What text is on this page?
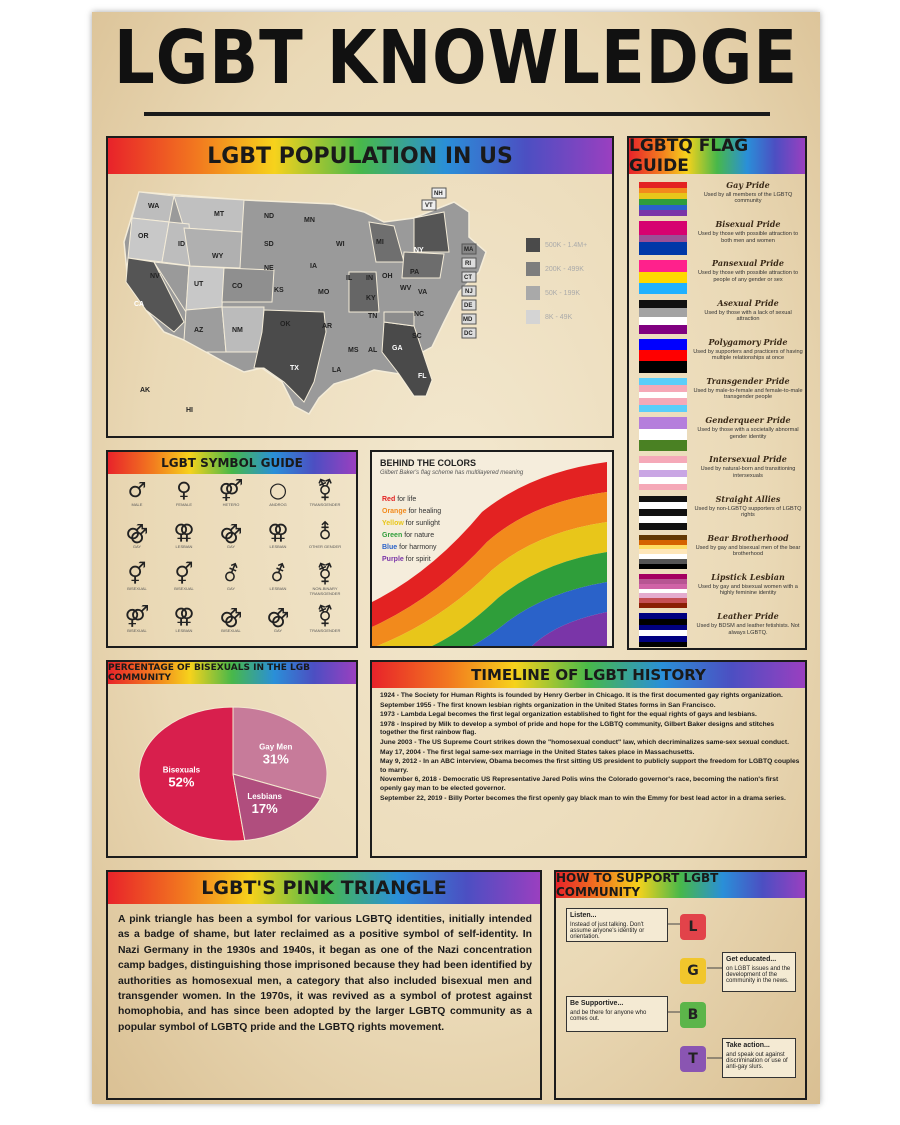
LGBT KNOWLEDGE
LGBT POPULATION IN US
WA
MT	ND
MN
OR
ID	SD	WI	MI
WY
NE	IA
NY
NV
UT	CO
KS	MO
IL IN OH
PA
WV
VA
KY
CA
AZ	NM
OK	AR
TN	NC
SC
MS AL GA
TX	LA
FL
AK
HI
NH
VT
MA
RI
CT
NJ
DE
MD
DC
500K - 1.4M+
200K - 499K
50K - 199K
8K - 49K
LGBTQ FLAG GUIDE
Gay Pride
Used by all members of the LGBTQ community
Bisexual Pride
Used by those with possible attraction to both men and women
Pansexual Pride
Used by those with possible attraction to people of any gender or sex
Asexual Pride
Used by those with a lack of sexual attraction
Polygamory Pride
Used by supporters and practicers of having multiple relationships at once
Transgender Pride
Used by male-to-female and female-to-male transgender people
Genderqueer Pride
Used by those with a societally abnormal gender identity
Intersexual Pride
Used by natural-born and transitioning intersexuals
Straight Allies
Used by non-LGBTQ supporters of LGBTQ rights
Bear Brotherhood
Used by gay and bisexual men of the bear brotherhood
Lipstick Lesbian
Used by gay and bisexual women with a highly feminine identity
Leather Pride
Used by BDSM and leather fetishists. Not always LGBTQ.
LGBT SYMBOL GUIDE
♂
MALE
♀
FEMALE
⚤
HETERO
○
ANDROG
⚧
TRANSGENDER
⚣
GAY
⚢
LESBIAN
⚣
GAY
⚢
LESBIAN
⚨
OTHER GENDER
⚥
BISEXUAL
⚥
BISEXUAL
⚦
GAY
⚦
LESBIAN
⚧
NON-BINARY TRANSGENDER
⚤
BISEXUAL
⚢
LESBIAN
⚣
BISEXUAL
⚣
GAY
⚧
TRANSGENDER
BEHIND THE COLORS
Gilbert Baker's flag scheme has multilayered meaning
Red for life
Orange for healing
Yellow for sunlight
Green for nature
Blue for harmony
Purple for spirit
PERCENTAGE OF BISEXUALS IN THE LGB COMMUNITY
Bisexuals
52%
Gay Men
31%
Lesbians
17%
TIMELINE OF LGBT HISTORY

1924 - The Society for Human Rights is founded by Henry Gerber in Chicago. It is the first documented gay rights organization.

September 1955 - The first known lesbian rights organization in the United States forms in San Francisco.

1973 - Lambda Legal becomes the first legal organization established to fight for the equal rights of gays and lesbians.

1978 - Inspired by Milk to develop a symbol of pride and hope for the LGBTQ community, Gilbert Baker designs and stitches together the first rainbow flag.

June 2003 - The US Supreme Court strikes down the "homosexual conduct" law, which decriminalizes same-sex sexual conduct.

May 17, 2004 - The first legal same-sex marriage in the United States takes place in Massachusetts.

May 9, 2012 - In an ABC interview, Obama becomes the first sitting US president to publicly support the freedom for LGBTQ couples to marry.

November 6, 2018 - Democratic US Representative Jared Polis wins the Colorado governor's race, becoming the nation's first openly gay man to be elected governor.

September 22, 2019 - Billy Porter becomes the first openly gay black man to win the Emmy for best lead actor in a drama series.

LGBT'S PINK TRIANGLE
A pink triangle has been a symbol for various LGBTQ identities, initially intended as a badge of shame, but later reclaimed as a positive symbol of self-identity. In Nazi Germany in the 1930s and 1940s, it began as one of the Nazi concentration camp badges, distinguishing those imprisoned because they had been identified by authorities as homosexual men, a category that also included bisexual men and transgender women. In the 1970s, it was revived as a symbol of protest against homophobia, and has since been adopted by the larger LGBTQ community as a popular symbol of LGBTQ pride and the LGBTQ rights movement.
HOW TO SUPPORT LGBT COMMUNITY
L
G
B
T
Listen...
Instead of just talking. Don't assume anyone's identity or orientation.
Get educated...
on LGBT issues and the development of the community in the news.
Be Supportive...
and be there for anyone who comes out.
Take action...
and speak out against discrimination or use of anti-gay slurs.
